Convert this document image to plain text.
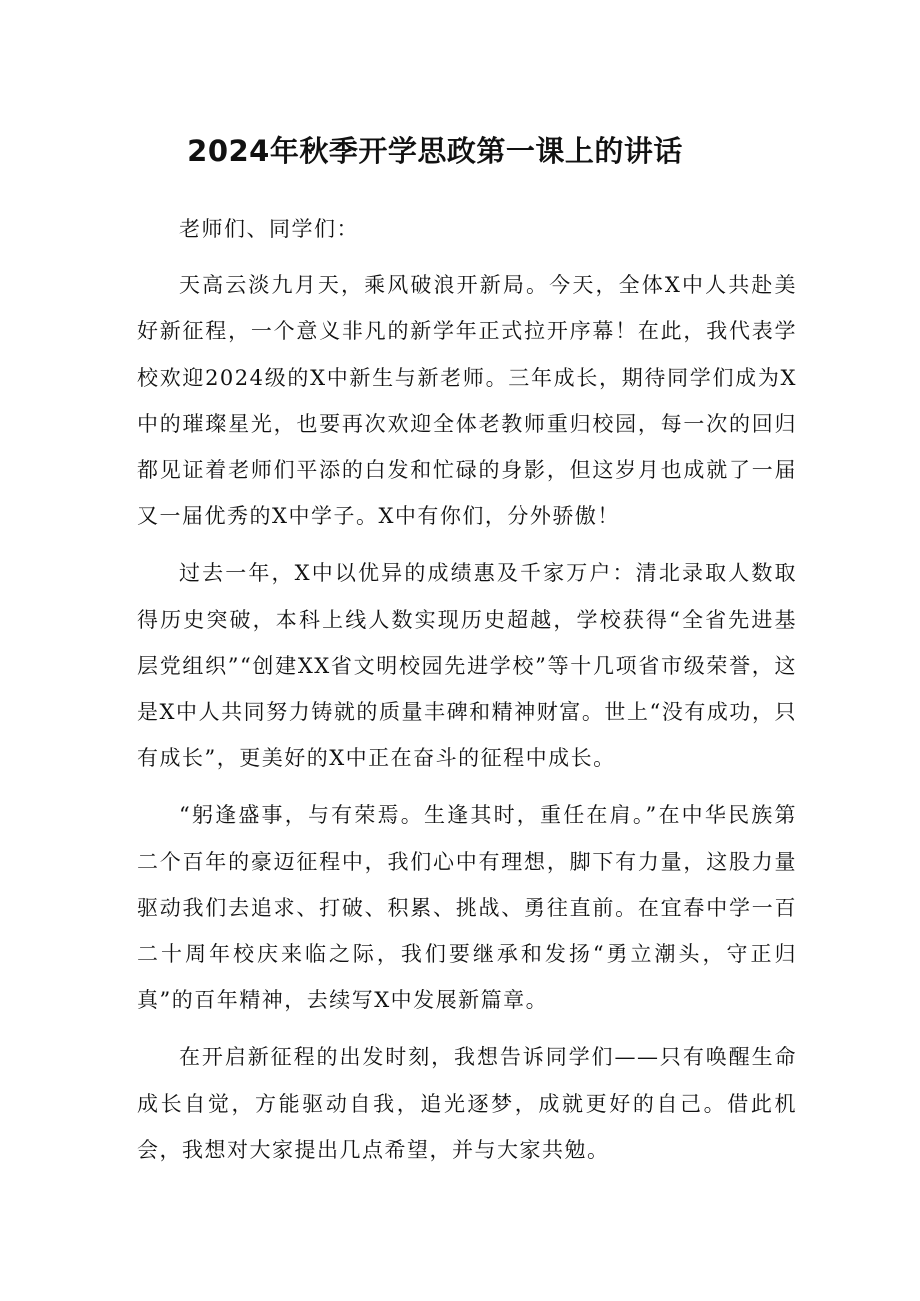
2024年秋季开学思政第一课上的讲话

老师们、同学们：

天高云淡九月天，乘风破浪开新局。今天，全体X中人共赴美好新征程，一个意义非凡的新学年正式拉开序幕！在此，我代表学校欢迎2024级的X中新生与新老师。三年成长，期待同学们成为X中的璀璨星光，也要再次欢迎全体老教师重归校园，每一次的回归都见证着老师们平添的白发和忙碌的身影，但这岁月也成就了一届又一届优秀的X中学子。X中有你们，分外骄傲！

过去一年，X中以优异的成绩惠及千家万户：清北录取人数取得历史突破，本科上线人数实现历史超越，学校获得“全省先进基层党组织”“创建XX省文明校园先进学校”等十几项省市级荣誉，这是X中人共同努力铸就的质量丰碑和精神财富。世上“没有成功，只有成长”，更美好的X中正在奋斗的征程中成长。

“躬逢盛事，与有荣焉。生逢其时，重任在肩。”在中华民族第二个百年的豪迈征程中，我们心中有理想，脚下有力量，这股力量驱动我们去追求、打破、积累、挑战、勇往直前。在宜春中学一百二十周年校庆来临之际，我们要继承和发扬“勇立潮头，守正归真”的百年精神，去续写X中发展新篇章。

在开启新征程的出发时刻，我想告诉同学们——只有唤醒生命成长自觉，方能驱动自我，追光逐梦，成就更好的自己。借此机会，我想对大家提出几点希望，并与大家共勉。
